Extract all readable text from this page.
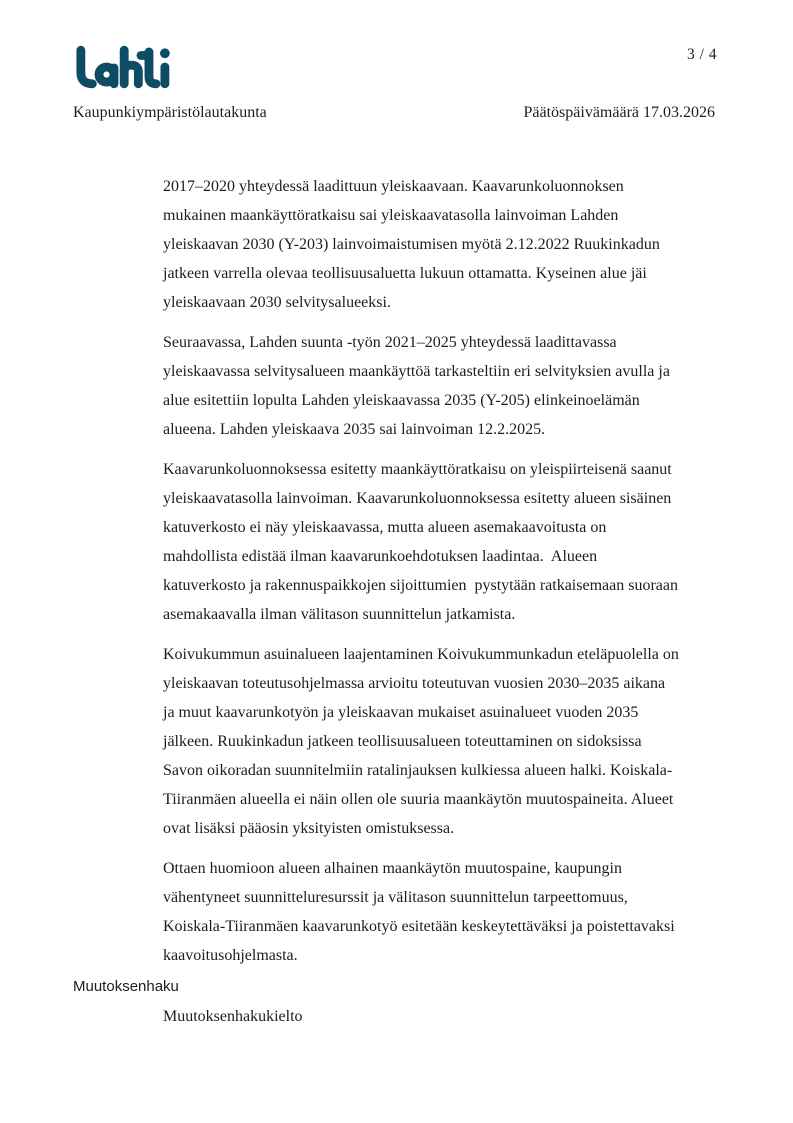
3 / 4
Kaupunkiympäristölautakunta	Päätöspäivämäärä 17.03.2026
2017–2020 yhteydessä laadittuun yleiskaavaan. Kaavarunkoluonnoksen
mukainen maankäyttöratkaisu sai yleiskaavatasolla lainvoiman Lahden
yleiskaavan 2030 (Y-203) lainvoimaistumisen myötä 2.12.2022 Ruukinkadun
jatkeen varrella olevaa teollisuusaluetta lukuun ottamatta. Kyseinen alue jäi
yleiskaavaan 2030 selvitysalueeksi.
Seuraavassa, Lahden suunta -työn 2021–2025 yhteydessä laadittavassa
yleiskaavassa selvitysalueen maankäyttöä tarkasteltiin eri selvityksien avulla ja
alue esitettiin lopulta Lahden yleiskaavassa 2035 (Y-205) elinkeinoelämän
alueena. Lahden yleiskaava 2035 sai lainvoiman 12.2.2025.
Kaavarunkoluonnoksessa esitetty maankäyttöratkaisu on yleispiirteisenä saanut
yleiskaavatasolla lainvoiman. Kaavarunkoluonnoksessa esitetty alueen sisäinen
katuverkosto ei näy yleiskaavassa, mutta alueen asemakaavoitusta on
mahdollista edistää ilman kaavarunkoehdotuksen laadintaa.  Alueen
katuverkosto ja rakennuspaikkojen sijoittumien  pystytään ratkaisemaan suoraan
asemakaavalla ilman välitason suunnittelun jatkamista.
Koivukummun asuinalueen laajentaminen Koivukummunkadun eteläpuolella on
yleiskaavan toteutusohjelmassa arvioitu toteutuvan vuosien 2030–2035 aikana
ja muut kaavarunkotyön ja yleiskaavan mukaiset asuinalueet vuoden 2035
jälkeen. Ruukinkadun jatkeen teollisuusalueen toteuttaminen on sidoksissa
Savon oikoradan suunnitelmiin ratalinjauksen kulkiessa alueen halki. Koiskala-
Tiiranmäen alueella ei näin ollen ole suuria maankäytön muutospaineita. Alueet
ovat lisäksi pääosin yksityisten omistuksessa.
Ottaen huomioon alueen alhainen maankäytön muutospaine, kaupungin
vähentyneet suunnitteluresurssit ja välitason suunnittelun tarpeettomuus,
Koiskala-Tiiranmäen kaavarunkotyö esitetään keskeytettäväksi ja poistettavaksi
kaavoitusohjelmasta.
Muutoksenhaku
Muutoksenhakukielto
